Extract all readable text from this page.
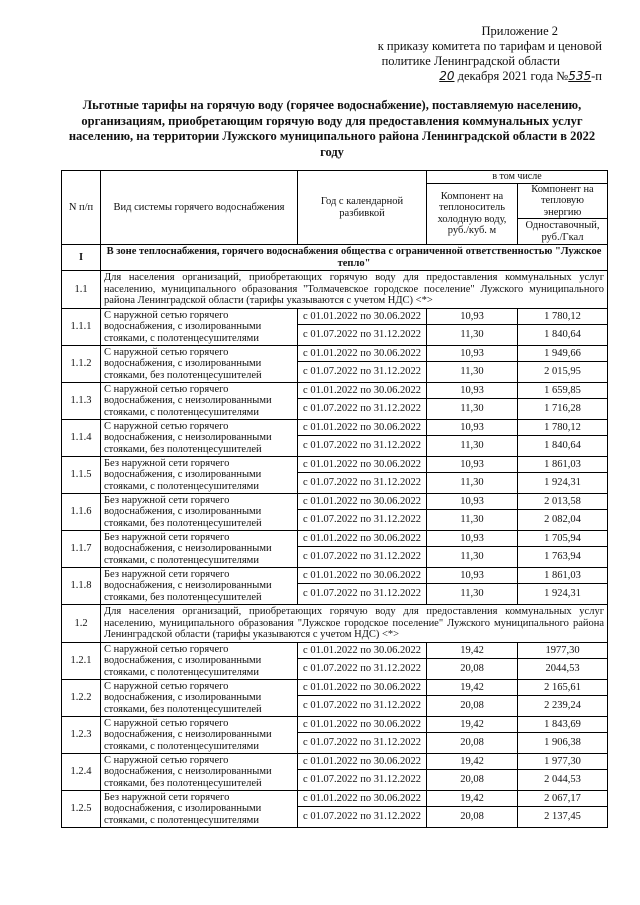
Приложение 2
к приказу комитета по тарифам и ценовой
политике Ленинградской области
20 декабря 2021 года №535-п
Льготные тарифы на горячую воду (горячее водоснабжение), поставляемую населению, организациям, приобретающим горячую воду для предоставления коммунальных услуг населению, на территории Лужского муниципального района Ленинградской области в 2022 году
N п/п	Вид системы горячего водоснабжения	Год с календарной разбивкой	в том числе	
			Компонент на теплоноситель холодную воду, руб./куб. м	Компонент на тепловую энергию
				Одноставочный, руб./Гкал
I	В зоне теплоснабжения, горячего водоснабжения общества с ограниченной ответственностью "Лужское тепло"			
1.1	Для населения организаций, приобретающих горячую воду для предоставления коммунальных услуг населению, муниципального образования "Толмачевское городское поселение" Лужского муниципального района Ленинградской области (тарифы указываются с учетом НДС) <*>			
1.1.1	С наружной сетью горячего водоснабжения, с изолированными стояками, с полотенцесушителями	с 01.01.2022 по 30.06.2022	10,93	1 780,12
		с 01.07.2022 по 31.12.2022	11,30	1 840,64
1.1.2	С наружной сетью горячего водоснабжения, с изолированными стояками, без полотенцесушителей	с 01.01.2022 по 30.06.2022	10,93	1 949,66
		с 01.07.2022 по 31.12.2022	11,30	2 015,95
1.1.3	С наружной сетью горячего водоснабжения, с неизолированными стояками, с полотенцесушителями	с 01.01.2022 по 30.06.2022	10,93	1 659,85
		с 01.07.2022 по 31.12.2022	11,30	1 716,28
1.1.4	С наружной сетью горячего водоснабжения, с неизолированными стояками, без полотенцесушителей	с 01.01.2022 по 30.06.2022	10,93	1 780,12
		с 01.07.2022 по 31.12.2022	11,30	1 840,64
1.1.5	Без наружной сети горячего водоснабжения, с изолированными стояками, с полотенцесушителями	с 01.01.2022 по 30.06.2022	10,93	1 861,03
		с 01.07.2022 по 31.12.2022	11,30	1 924,31
1.1.6	Без наружной сети горячего водоснабжения, с изолированными стояками, без полотенцесушителей	с 01.01.2022 по 30.06.2022	10,93	2 013,58
		с 01.07.2022 по 31.12.2022	11,30	2 082,04
1.1.7	Без наружной сети горячего водоснабжения, с неизолированными стояками, с полотенцесушителями	с 01.01.2022 по 30.06.2022	10,93	1 705,94
		с 01.07.2022 по 31.12.2022	11,30	1 763,94
1.1.8	Без наружной сети горячего водоснабжения, с неизолированными стояками, без полотенцесушителей	с 01.01.2022 по 30.06.2022	10,93	1 861,03
		с 01.07.2022 по 31.12.2022	11,30	1 924,31
1.2	Для населения организаций, приобретающих горячую воду для предоставления коммунальных услуг населению, муниципального образования "Лужское городское поселение" Лужского муниципального района Ленинградской области (тарифы указываются с учетом НДС) <*>			
1.2.1	С наружной сетью горячего водоснабжения, с изолированными стояками, с полотенцесушителями	с 01.01.2022 по 30.06.2022	19,42	1977,30
		с 01.07.2022 по 31.12.2022	20,08	2044,53
1.2.2	С наружной сетью горячего водоснабжения, с изолированными стояками, без полотенцесушителей	с 01.01.2022 по 30.06.2022	19,42	2 165,61
		с 01.07.2022 по 31.12.2022	20,08	2 239,24
1.2.3	С наружной сетью горячего водоснабжения, с неизолированными стояками, с полотенцесушителями	с 01.01.2022 по 30.06.2022	19,42	1 843,69
		с 01.07.2022 по 31.12.2022	20,08	1 906,38
1.2.4	С наружной сетью горячего водоснабжения, с неизолированными стояками, без полотенцесушителей	с 01.01.2022 по 30.06.2022	19,42	1 977,30
		с 01.07.2022 по 31.12.2022	20,08	2 044,53
1.2.5	Без наружной сети горячего водоснабжения, с изолированными стояками, с полотенцесушителями	с 01.01.2022 по 30.06.2022	19,42	2 067,17
		с 01.07.2022 по 31.12.2022	20,08	2 137,45
